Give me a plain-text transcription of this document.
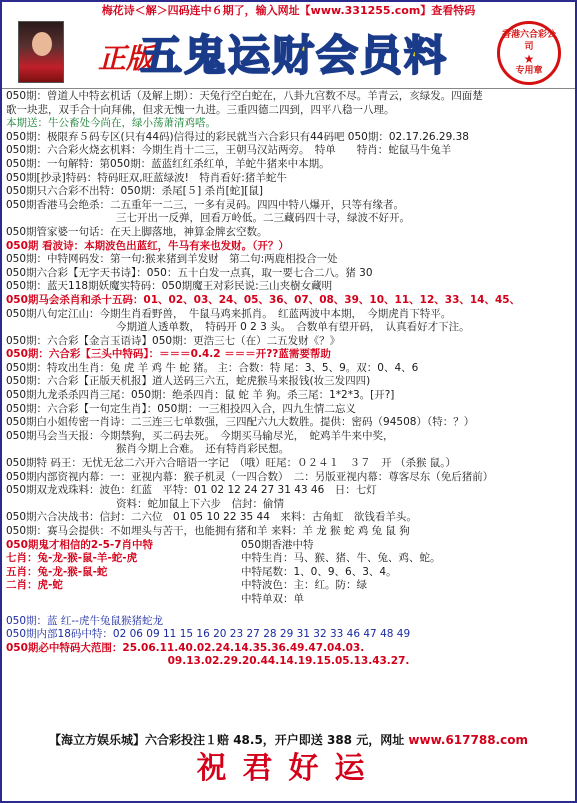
梅花诗＜解＞四码连中６期了，输入网址【www.331255.com】查看特码
正版
五鬼运财会员料	香港六合彩公司
★
专用章
050期：曾道人中特玄机话（及解上期）：天兔行空白蛇在，八卦九宫数不尽。羊青云，亥绿发。四面楚
歌一块悲，双手合十向拜佛，但求无愧一九进。三重四德二四到，四平八稳一八理。
本期送：牛公畜处今尚在，绿小荡萧清鸡嗒。
050期：极限弃５码专区(只有44码)信得过的彩民就当六合彩只有44码吧 050期：02.17.26.29.38
050期：六合彩火烧玄机料：今期生肖十二三，王朝马汉站两旁。　特单　　特肖：蛇鼠马牛兔羊
050期：一句解特：第050期：蓝蓝红红杀红单，羊蛇牛猪来中本期。
050期[抄录]特码：特码旺双,旺蓝绿波!　特肖看好:猪羊蛇牛
050期只六合彩不出特：050期：杀尾[５] 杀肖[蛇][鼠]
050期香港马会绝杀：二五重年一二三，一多有灵码。四四中特八爆开，只等有缘者。
三七开出一反弹，回看万岭低。二三藏码四十寻，绿波不好开。
050期管家婆一句话：在天上脚落地，神算金牌玄空数。
050期 看波诗：本期波色出蓝红，牛马有来也发财。（开？）
050期：中特网码发：第一句:猴来猪到羊发财　第二句:两鹿相投合一处
050期六合彩【无字天书诗】：050：五十白发一点真，取一要七合二八。猪 30
050期：蓝天118期妖魔实特码：050期魔王对彩民说:三山夹樹女藏明
050期马会杀肖和杀十五码：01、02、03、24、05、36、07、08、39、10、11、12、33、14、45、
050期八句定江山：今期生肖看野兽，　牛鼠马鸡来抓肖。　红蓝两波中本期，　今期虎肖下特平。
今期道人透单数，　特码开 0 2 3 头。　合数单有望开码，　认真看好才下注。
050期：六合彩【金言玉语诗】050期：更浩三七（在）二五发财《？》
050期：六合彩【三头中特码】：＝＝＝0.4.2 ＝＝＝开??蓝需要帮助
050期：特攻出生肖：兔 虎 羊 鸡 牛 蛇 猪。 主：合数：特 尾：3、5、9。双：0、4、6
050期：六合彩【正版天机报】道人送码三六五，蛇虎猴马来报钱(妆三发四四)
050期九龙杀杀四肖三尾：050期：绝杀四肖：鼠 蛇 羊 狗。杀三尾：1*2*3。[开?]
050期：六合彩【一句定生肖】：050期：一三相投四入合，四九生情二忘义
050期白小姐传密一肖诗：二三连三七单数强，三四配六九大数胜。提供：密码（94508）（特：？）
050期马会当天报：今期禁狗，买二码去死。　今期买马输尽光，　蛇鸡羊牛来中奖，
猴肖今期上合难。　还有特肖彩民想。
050期特 码王：无忧无忿二六开六合暗语一字记　（哦）旺尾：０２４１　３７　开 （杀猴 鼠。）
050期内部资视内幕：一：亚视内幕：猴子机灵（一四合数）　二：另版亚视内幕：尊客尽东（免后猪前）
050期双龙戏珠料：波色：红蓝　平特：01 02 12 24 27 31 43 46　日：七灯
资料：蛇加鼠上下六步　信封：偷情
050期六合决战书：信封：二六位　01 05 10 22 35 44　来料：古角虹　欲钱看羊头。
050期：赛马会提供：不如埋头与苦干，也能拥有猪和羊 来料：羊 龙 猴 蛇 鸡 兔 鼠 狗
050期鬼才相信的2-5-7肖中特
七肖：兔-龙-猴-鼠-羊-蛇-虎
五肖：兔-龙-猴-鼠-蛇
二肖：虎-蛇
050期香港中特
中特生肖：马、猴、猪、牛、兔、鸡、蛇。
中特尾数：1、0、9、6、3、4。
中特波色：主：红。防：绿
中特单双：单
050期：蓝 红--虎牛兔鼠猴猪蛇龙
050期内部18码中特：02 06 09 11 15 16 20 23 27 28 29 31 32 33 46 47 48 49
050期必中特码大范围：25.06.11.40.02.24.14.35.36.49.47.04.03.
09.13.02.29.20.44.14.19.15.05.13.43.27.
【海立方娱乐城】六合彩投注１赔 48.5，开户即送 388 元，网址 www.617788.com
祝君好运
